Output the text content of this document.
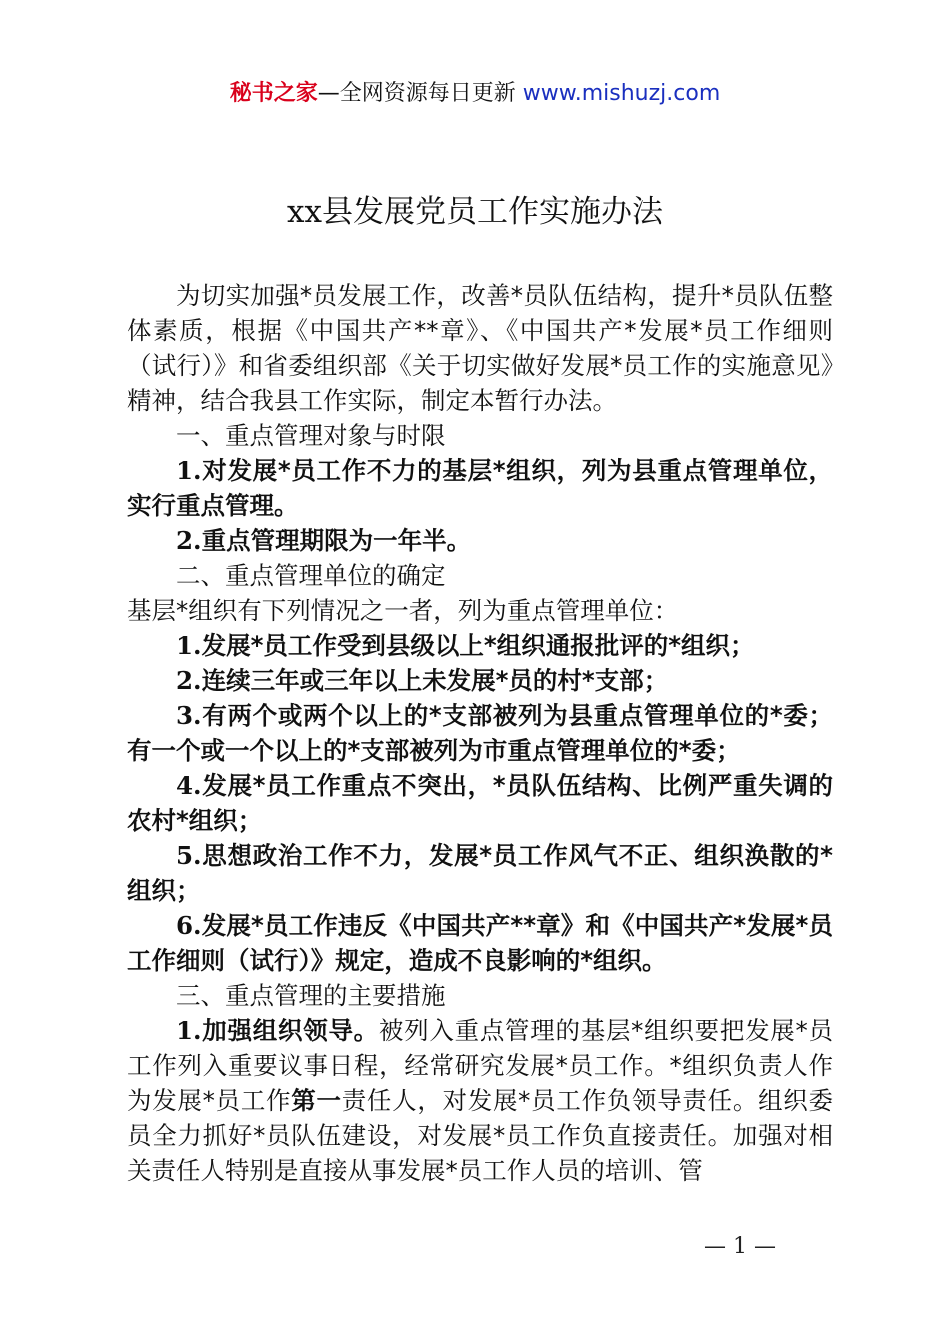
秘书之家—全网资源每日更新 www.mishuzj.com
xx县发展党员工作实施办法

为切实加强*员发展工作，改善*员队伍结构，提升*员队伍整体素质，根据《中国共产**章》、《中国共产*发展*员工作细则（试行）》和省委组织部《关于切实做好发展*员工作的实施意见》精神，结合我县工作实际，制定本暂行办法。

一、重点管理对象与时限

1.对发展*员工作不力的基层*组织，列为县重点管理单位，实行重点管理。

2.重点管理期限为一年半。

二、重点管理单位的确定

基层*组织有下列情况之一者，列为重点管理单位：

1.发展*员工作受到县级以上*组织通报批评的*组织；

2.连续三年或三年以上未发展*员的村*支部；

3.有两个或两个以上的*支部被列为县重点管理单位的*委；有一个或一个以上的*支部被列为市重点管理单位的*委；

4.发展*员工作重点不突出，*员队伍结构、比例严重失调的农村*组织；

5.思想政治工作不力，发展*员工作风气不正、组织涣散的*组织；

6.发展*员工作违反《中国共产**章》和《中国共产*发展*员工作细则（试行）》规定，造成不良影响的*组织。

三、重点管理的主要措施

1.加强组织领导。被列入重点管理的基层*组织要把发展*员工作列入重要议事日程，经常研究发展*员工作。*组织负责人作为发展*员工作第一责任人，对发展*员工作负领导责任。组织委员全力抓好*员队伍建设，对发展*员工作负直接责任。加强对相关责任人特别是直接从事发展*员工作人员的培训、管

— 1 —
